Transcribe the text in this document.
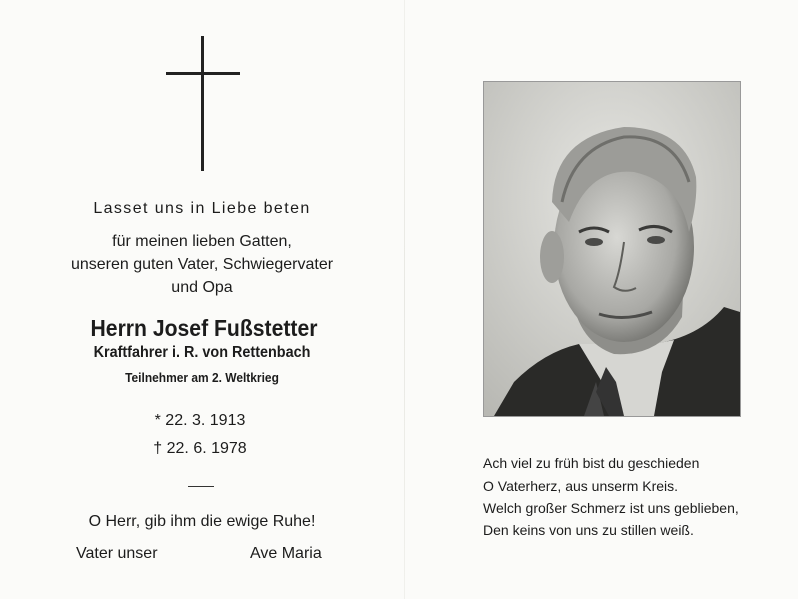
Lasset uns in Liebe beten
für meinen lieben Gatten,
unseren guten Vater, Schwiegervater
und Opa
Herrn Josef Fußstetter
Kraftfahrer i. R. von Rettenbach
Teilnehmer am 2. Weltkrieg
* 22. 3. 1913
† 22. 6. 1978
O Herr, gib ihm die ewige Ruhe!
Vater unser	Ave Maria
Ach viel zu früh bist du geschieden
O Vaterherz, aus unserm Kreis.
Welch großer Schmerz ist uns geblieben,
Den keins von uns zu stillen weiß.
